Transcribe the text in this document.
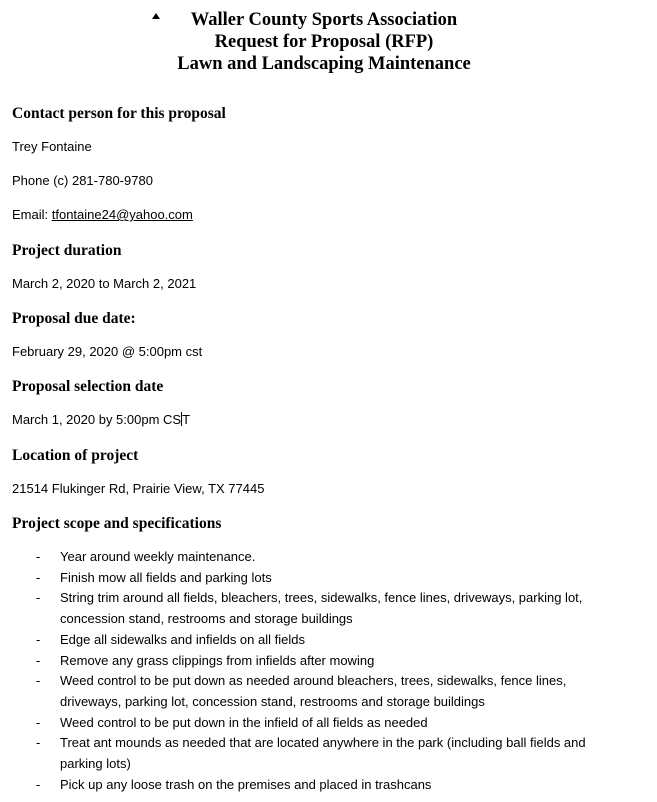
Waller County Sports Association
Request for Proposal (RFP)
Lawn and Landscaping Maintenance
Contact person for this proposal
Trey Fontaine
Phone (c) 281-780-9780
Email: tfontaine24@yahoo.com
Project duration
March 2, 2020 to March 2, 2021
Proposal due date:
February 29, 2020 @ 5:00pm cst
Proposal selection date
March 1, 2020 by 5:00pm CST
Location of project
21514 Flukinger Rd, Prairie View, TX 77445
Project scope and specifications
- Year around weekly maintenance.
- Finish mow all fields and parking lots
- String trim around all fields, bleachers, trees, sidewalks, fence lines, driveways, parking lot, concession stand, restrooms and storage buildings
- Edge all sidewalks and infields on all fields
- Remove any grass clippings from infields after mowing
- Weed control to be put down as needed around bleachers, trees, sidewalks, fence lines, driveways, parking lot, concession stand, restrooms and storage buildings
- Weed control to be put down in the infield of all fields as needed
- Treat ant mounds as needed that are located anywhere in the park (including ball fields and parking lots)
- Pick up any loose trash on the premises and placed in trashcans
